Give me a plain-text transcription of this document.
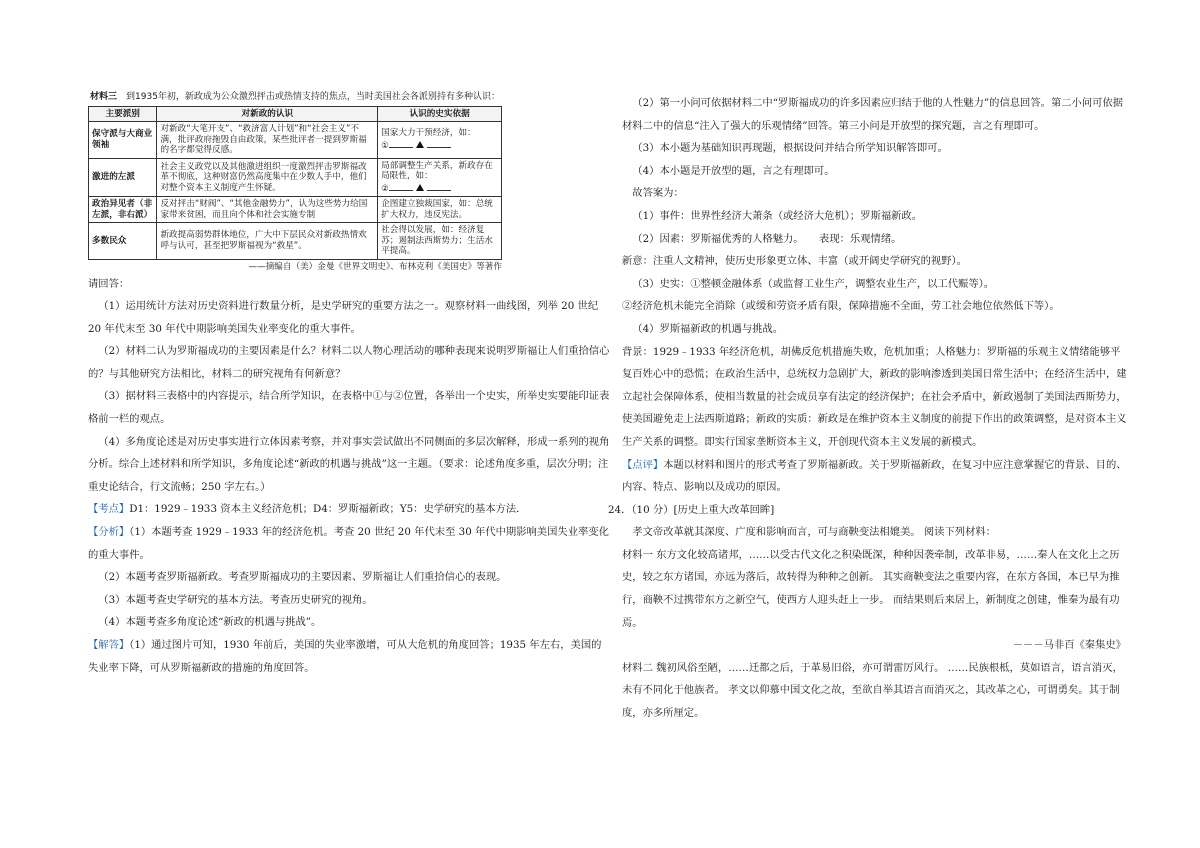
材料三　 到1935年初，新政成为公众激烈抨击或热情支持的焦点，当时美国社会各派别持有多种认识：

主要派别	对新政的认识	认识的史实依据
保守派与大商业领袖	对新政“大笔开支”、“救济富人计划”和“社会主义”不满，批评政府拖毁自由政策，某些批评者一提到罗斯福的名字都觉得反感。	国家大力干预经济，如：
①
激进的左派	社会主义政党以及其他激进组织一度激烈抨击罗斯福改革不彻底，这种财富仍然高度集中在少数人手中，他们对整个资本主义制度产生怀疑。	局部调整生产关系，新政存在局限性，如：
②
政治异见者（非左派，非右派）	反对抨击“财阀”、“其他金融势力”，认为这些势力给国家带来贫困，而且向个体和社会实施专制	企图建立独裁国家，如：总统扩大权力，违反宪法。
多数民众	新政提高弱势群体地位，广大中下层民众对新政热情欢呼与认可，甚至把罗斯福视为“救星”。	社会得以发展，如：经济复苏；遏制法西斯势力；生活水平提高。
——摘编自（美）金曼《世界文明史》、布林克利《美国史》等著作

请回答：

（1）运用统计方法对历史资料进行数量分析，是史学研究的重要方法之一。观察材料一曲线图，列举 20 世纪 20 年代末至 30 年代中期影响美国失业率变化的重大事件。

（2）材料二认为罗斯福成功的主要因素是什么？材料二以人物心理活动的哪种表现来说明罗斯福让人们重拾信心的？与其他研究方法相比，材料二的研究视角有何新意？

（3）据材料三表格中的内容提示，结合所学知识，在表格中①与②位置，各举出一个史实，所举史实要能印证表格前一栏的观点。

（4）多角度论述是对历史事实进行立体因素考察，并对事实尝试做出不同侧面的多层次解释，形成一系列的视角分析。综合上述材料和所学知识，多角度论述“新政的机遇与挑战”这一主题。（要求：论述角度多重，层次分明；注重史论结合，行文流畅；250 字左右。）

【考点】D1：1929﹣1933 资本主义经济危机；D4：罗斯福新政；Y5：史学研究的基本方法．

【分析】（1）本题考查 1929﹣1933 年的经济危机。考查 20 世纪 20 年代末至 30 年代中期影响美国失业率变化的重大事件。

（2）本题考查罗斯福新政。考查罗斯福成功的主要因素、罗斯福让人们重拾信心的表现。

（3）本题考查史学研究的基本方法。考查历史研究的视角。

（4）本题考查多角度论述“新政的机遇与挑战”。

【解答】（1）通过图片可知，1930 年前后，美国的失业率激增，可从大危机的角度回答；1935 年左右，美国的失业率下降，可从罗斯福新政的措施的角度回答。

（2）第一小问可依据材料二中“罗斯福成功的许多因素应归结于他的人性魅力”的信息回答。第二小问可依据材料二中的信息“注入了强大的乐观情绪”回答。第三小问是开放型的探究题，言之有理即可。

（3）本小题为基础知识再现题，根据设问并结合所学知识解答即可。

（4）本小题是开放型的题，言之有理即可。

故答案为：

（1）事件：世界性经济大萧条（或经济大危机）；罗斯福新政。

（2）因素：罗斯福优秀的人格魅力。　　表现：乐观情绪。

新意：注重人文精神，使历史形象更立体、丰富（或开阔史学研究的视野）。

（3）史实：①整顿金融体系（或监督工业生产，调整农业生产，以工代赈等）。

②经济危机未能完全消除（或缓和劳资矛盾有限，保障措施不全面，劳工社会地位依然低下等）。

（4）罗斯福新政的机遇与挑战。

背景：1929﹣1933 年经济危机，胡佛反危机措施失败，危机加重；人格魅力：罗斯福的乐观主义情绪能够平复百姓心中的恐慌；在政治生活中，总统权力急剧扩大，新政的影响渗透到美国日常生活中；在经济生活中，建立起社会保障体系，使相当数量的社会成员享有法定的经济保护；在社会矛盾中，新政遏制了美国法西斯势力，使美国避免走上法西斯道路；新政的实质：新政是在维护资本主义制度的前提下作出的政策调整，是对资本主义生产关系的调整。即实行国家垄断资本主义，开创现代资本主义发展的新模式。

【点评】本题以材料和图片的形式考查了罗斯福新政。关于罗斯福新政，在复习中应注意掌握它的背景、目的、内容、特点、影响以及成功的原因。

24．（10 分）[历史上重大改革回眸]

孝文帝改革就其深度、广度和影响而言，可与商鞅变法相媲美。 阅读下列材料：

材料一 东方文化较高诸邦，……以受古代文化之积染既深，种种因袭牵制，改革非易，……秦人在文化上之历史，较之东方诸国，亦远为落后，故转得为种种之创新。 其实商鞅变法之重要内容，在东方各国，本已早为推行，商鞅不过携带东方之新空气，使西方人迎头赶上一步。 而结果则后来居上，新制度之创建，惟秦为最有功焉。

－－－马非百《秦集史》

材料二 魏初风俗至陋，……迁都之后，于革易旧俗，亦可谓雷厉风行。 ……民族根柢，莫如语言，语言消灭，未有不同化于他族者。 孝文以仰慕中国文化之故，至欲自举其语言而消灭之，其改革之心，可谓勇矣。其于制度，亦多所厘定。
